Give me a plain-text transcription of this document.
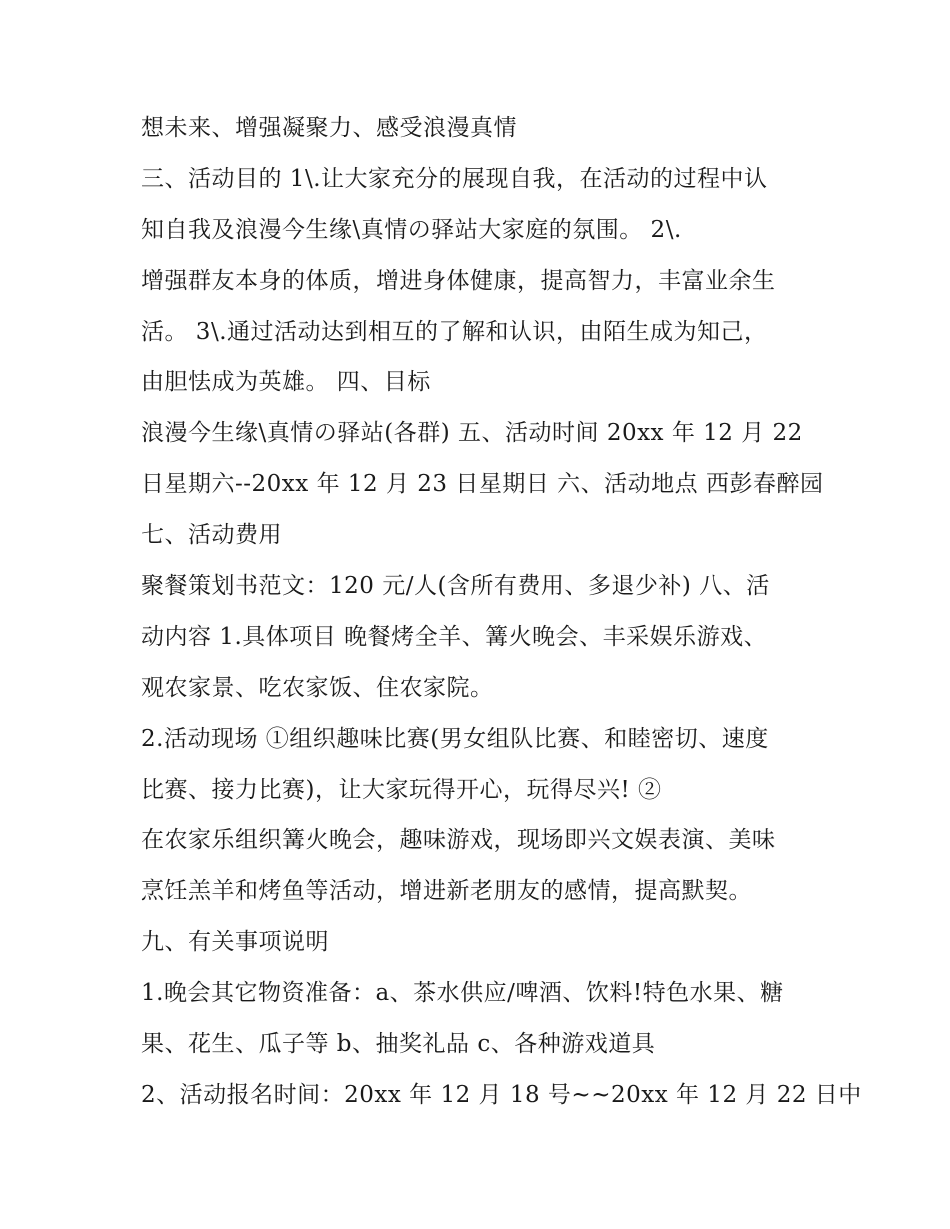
想未来、增强凝聚力、感受浪漫真情
三、活动目的 1\.让大家充分的展现自我，在活动的过程中认
知自我及浪漫今生缘\真情の驿站大家庭的氛围。 2\.
增强群友本身的体质，增进身体健康，提高智力，丰富业余生
活。 3\.通过活动达到相互的了解和认识，由陌生成为知己，
由胆怯成为英雄。 四、目标
浪漫今生缘\真情の驿站(各群) 五、活动时间 20xx 年 12 月 22
日星期六--20xx 年 12 月 23 日星期日 六、活动地点 西彭春醉园
七、活动费用
聚餐策划书范文：120 元/人(含所有费用、多退少补) 八、活
动内容 1.具体项目 晚餐烤全羊、篝火晚会、丰采娱乐游戏、
观农家景、吃农家饭、住农家院。
2.活动现场 ①组织趣味比赛(男女组队比赛、和睦密切、速度
比赛、接力比赛)，让大家玩得开心，玩得尽兴! ②
在农家乐组织篝火晚会，趣味游戏，现场即兴文娱表演、美味
烹饪羔羊和烤鱼等活动，增进新老朋友的感情，提高默契。
九、有关事项说明
1.晚会其它物资准备：a、茶水供应/啤酒、饮料!特色水果、糖
果、花生、瓜子等 b、抽奖礼品 c、各种游戏道具
2、活动报名时间：20xx 年 12 月 18 号~~20xx 年 12 月 22 日中
